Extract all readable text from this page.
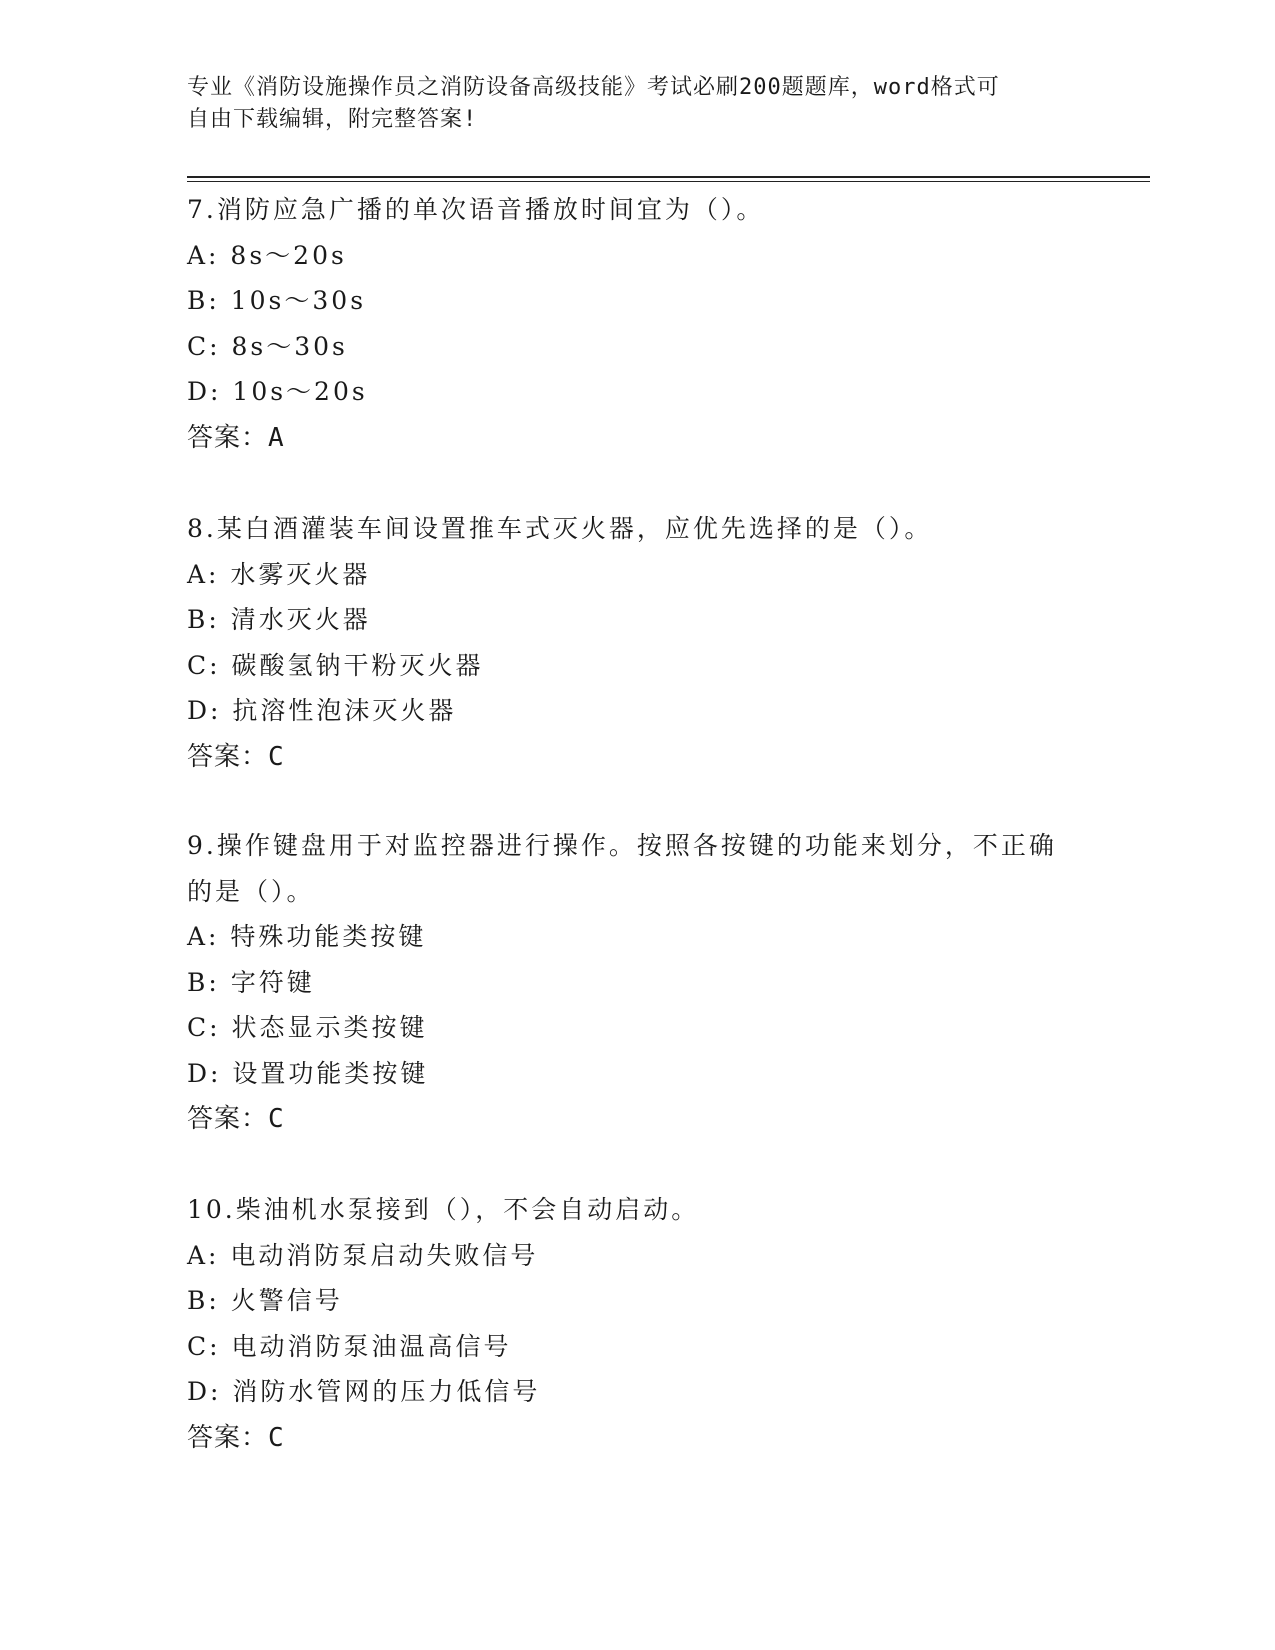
专业《消防设施操作员之消防设备高级技能》考试必刷200题题库，word格式可
自由下载编辑，附完整答案!
7.消防应急广播的单次语音播放时间宜为（）。
A: 8s～20s
B: 10s～30s
C: 8s～30s
D: 10s～20s
答案：A
8.某白酒灌装车间设置推车式灭火器，应优先选择的是（）。
A: 水雾灭火器
B: 清水灭火器
C: 碳酸氢钠干粉灭火器
D: 抗溶性泡沫灭火器
答案：C
9.操作键盘用于对监控器进行操作。按照各按键的功能来划分，不正确的是（）。
A: 特殊功能类按键
B: 字符键
C: 状态显示类按键
D: 设置功能类按键
答案：C
10.柴油机水泵接到（），不会自动启动。
A: 电动消防泵启动失败信号
B: 火警信号
C: 电动消防泵油温高信号
D: 消防水管网的压力低信号
答案：C
